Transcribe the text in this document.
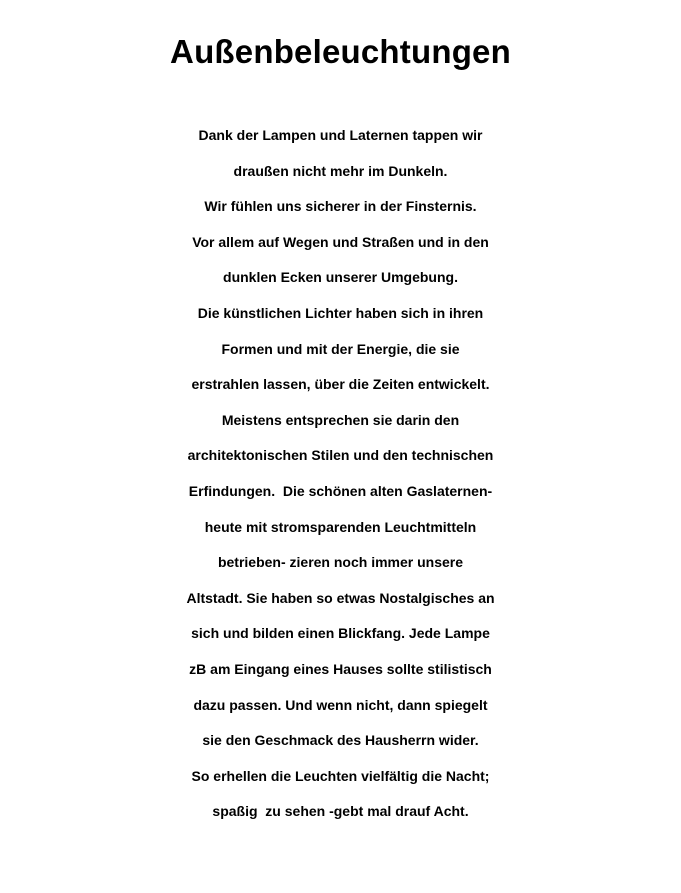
Außenbeleuchtungen
Dank der Lampen und Laternen tappen wir
draußen nicht mehr im Dunkeln.
Wir fühlen uns sicherer in der Finsternis.
Vor allem auf Wegen und Straßen und in den
dunklen Ecken unserer Umgebung.
Die künstlichen Lichter haben sich in ihren
Formen und mit der Energie, die sie
erstrahlen lassen, über die Zeiten entwickelt.
Meistens entsprechen sie darin den
architektonischen Stilen und den technischen
Erfindungen.  Die schönen alten Gaslaternen-
heute mit stromsparenden Leuchtmitteln
betrieben- zieren noch immer unsere
Altstadt. Sie haben so etwas Nostalgisches an
sich und bilden einen Blickfang. Jede Lampe
zB am Eingang eines Hauses sollte stilistisch
dazu passen. Und wenn nicht, dann spiegelt
sie den Geschmack des Hausherrn wider.
So erhellen die Leuchten vielfältig die Nacht;
spaßig  zu sehen -gebt mal drauf Acht.
